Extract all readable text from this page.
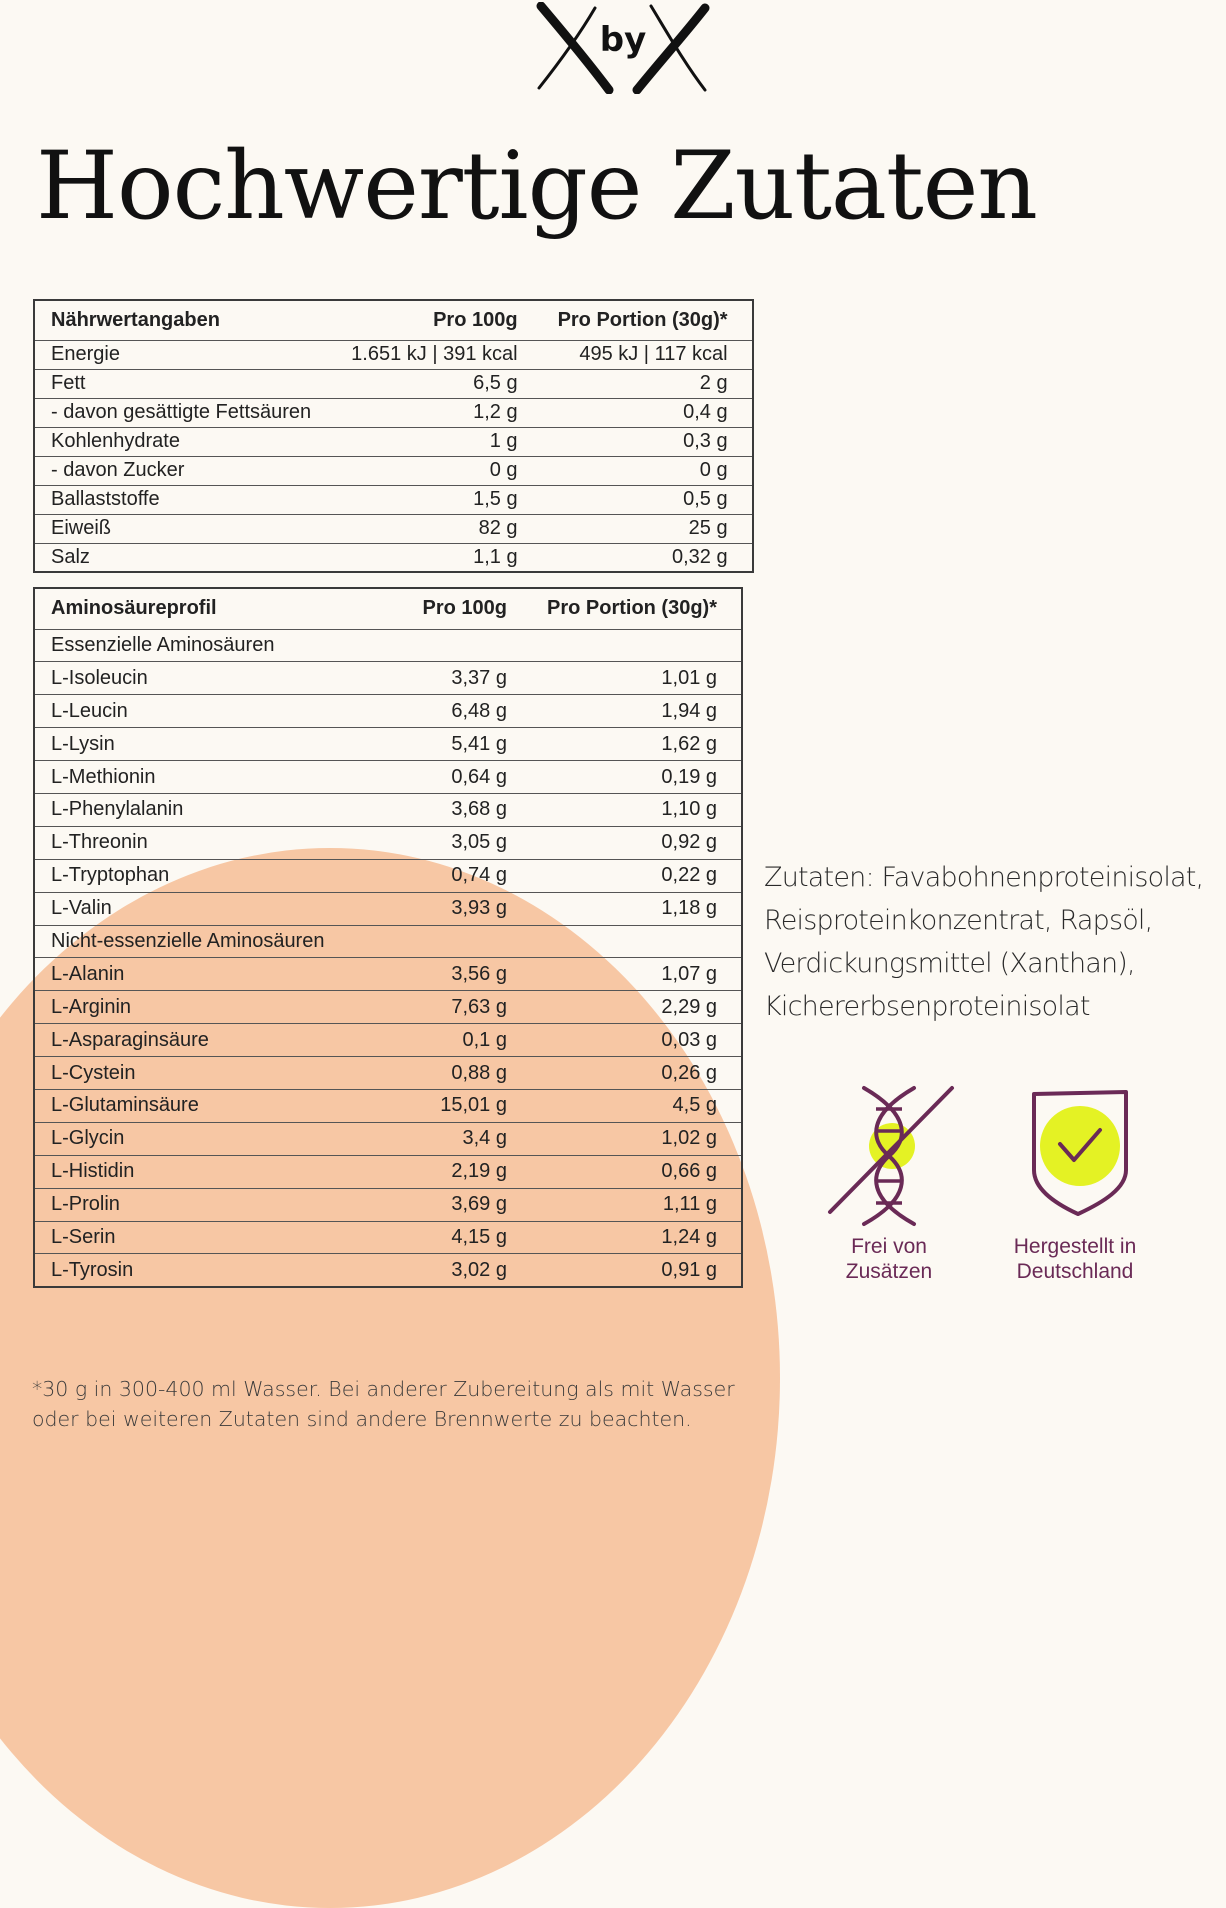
by
Hochwertige Zutaten
Nährwertangaben	Pro 100g	Pro Portion (30g)*
Energie	1.651 kJ | 391 kcal	495 kJ | 117 kcal
Fett	6,5 g	2 g
- davon gesättigte Fettsäuren	1,2 g	0,4 g
Kohlenhydrate	1 g	0,3 g
- davon Zucker	0 g	0 g
Ballaststoffe	1,5 g	0,5 g
Eiweiß	82 g	25 g
Salz	1,1 g	0,32 g
Aminosäureprofil	Pro 100g	Pro Portion (30g)*
Essenzielle Aminosäuren		
L-Isoleucin	3,37 g	1,01 g
L-Leucin	6,48 g	1,94 g
L-Lysin	5,41 g	1,62 g
L-Methionin	0,64 g	0,19 g
L-Phenylalanin	3,68 g	1,10 g
L-Threonin	3,05 g	0,92 g
L-Tryptophan	0,74 g	0,22 g
L-Valin	3,93 g	1,18 g
Nicht-essenzielle Aminosäuren		
L-Alanin	3,56 g	1,07 g
L-Arginin	7,63 g	2,29 g
L-Asparaginsäure	0,1 g	0,03 g
L-Cystein	0,88 g	0,26 g
L-Glutaminsäure	15,01 g	4,5 g
L-Glycin	3,4 g	1,02 g
L-Histidin	2,19 g	0,66 g
L-Prolin	3,69 g	1,11 g
L-Serin	4,15 g	1,24 g
L-Tyrosin	3,02 g	0,91 g

Zutaten: Favabohnenproteinisolat,
Reisproteinkonzentrat, Rapsöl,
Verdickungsmittel (Xanthan),
Kichererbsenproteinisolat

Frei von
Zusätzen
Hergestellt in
Deutschland

*30 g in 300-400 ml Wasser. Bei anderer Zubereitung als mit Wasser
oder bei weiteren Zutaten sind andere Brennwerte zu beachten.
